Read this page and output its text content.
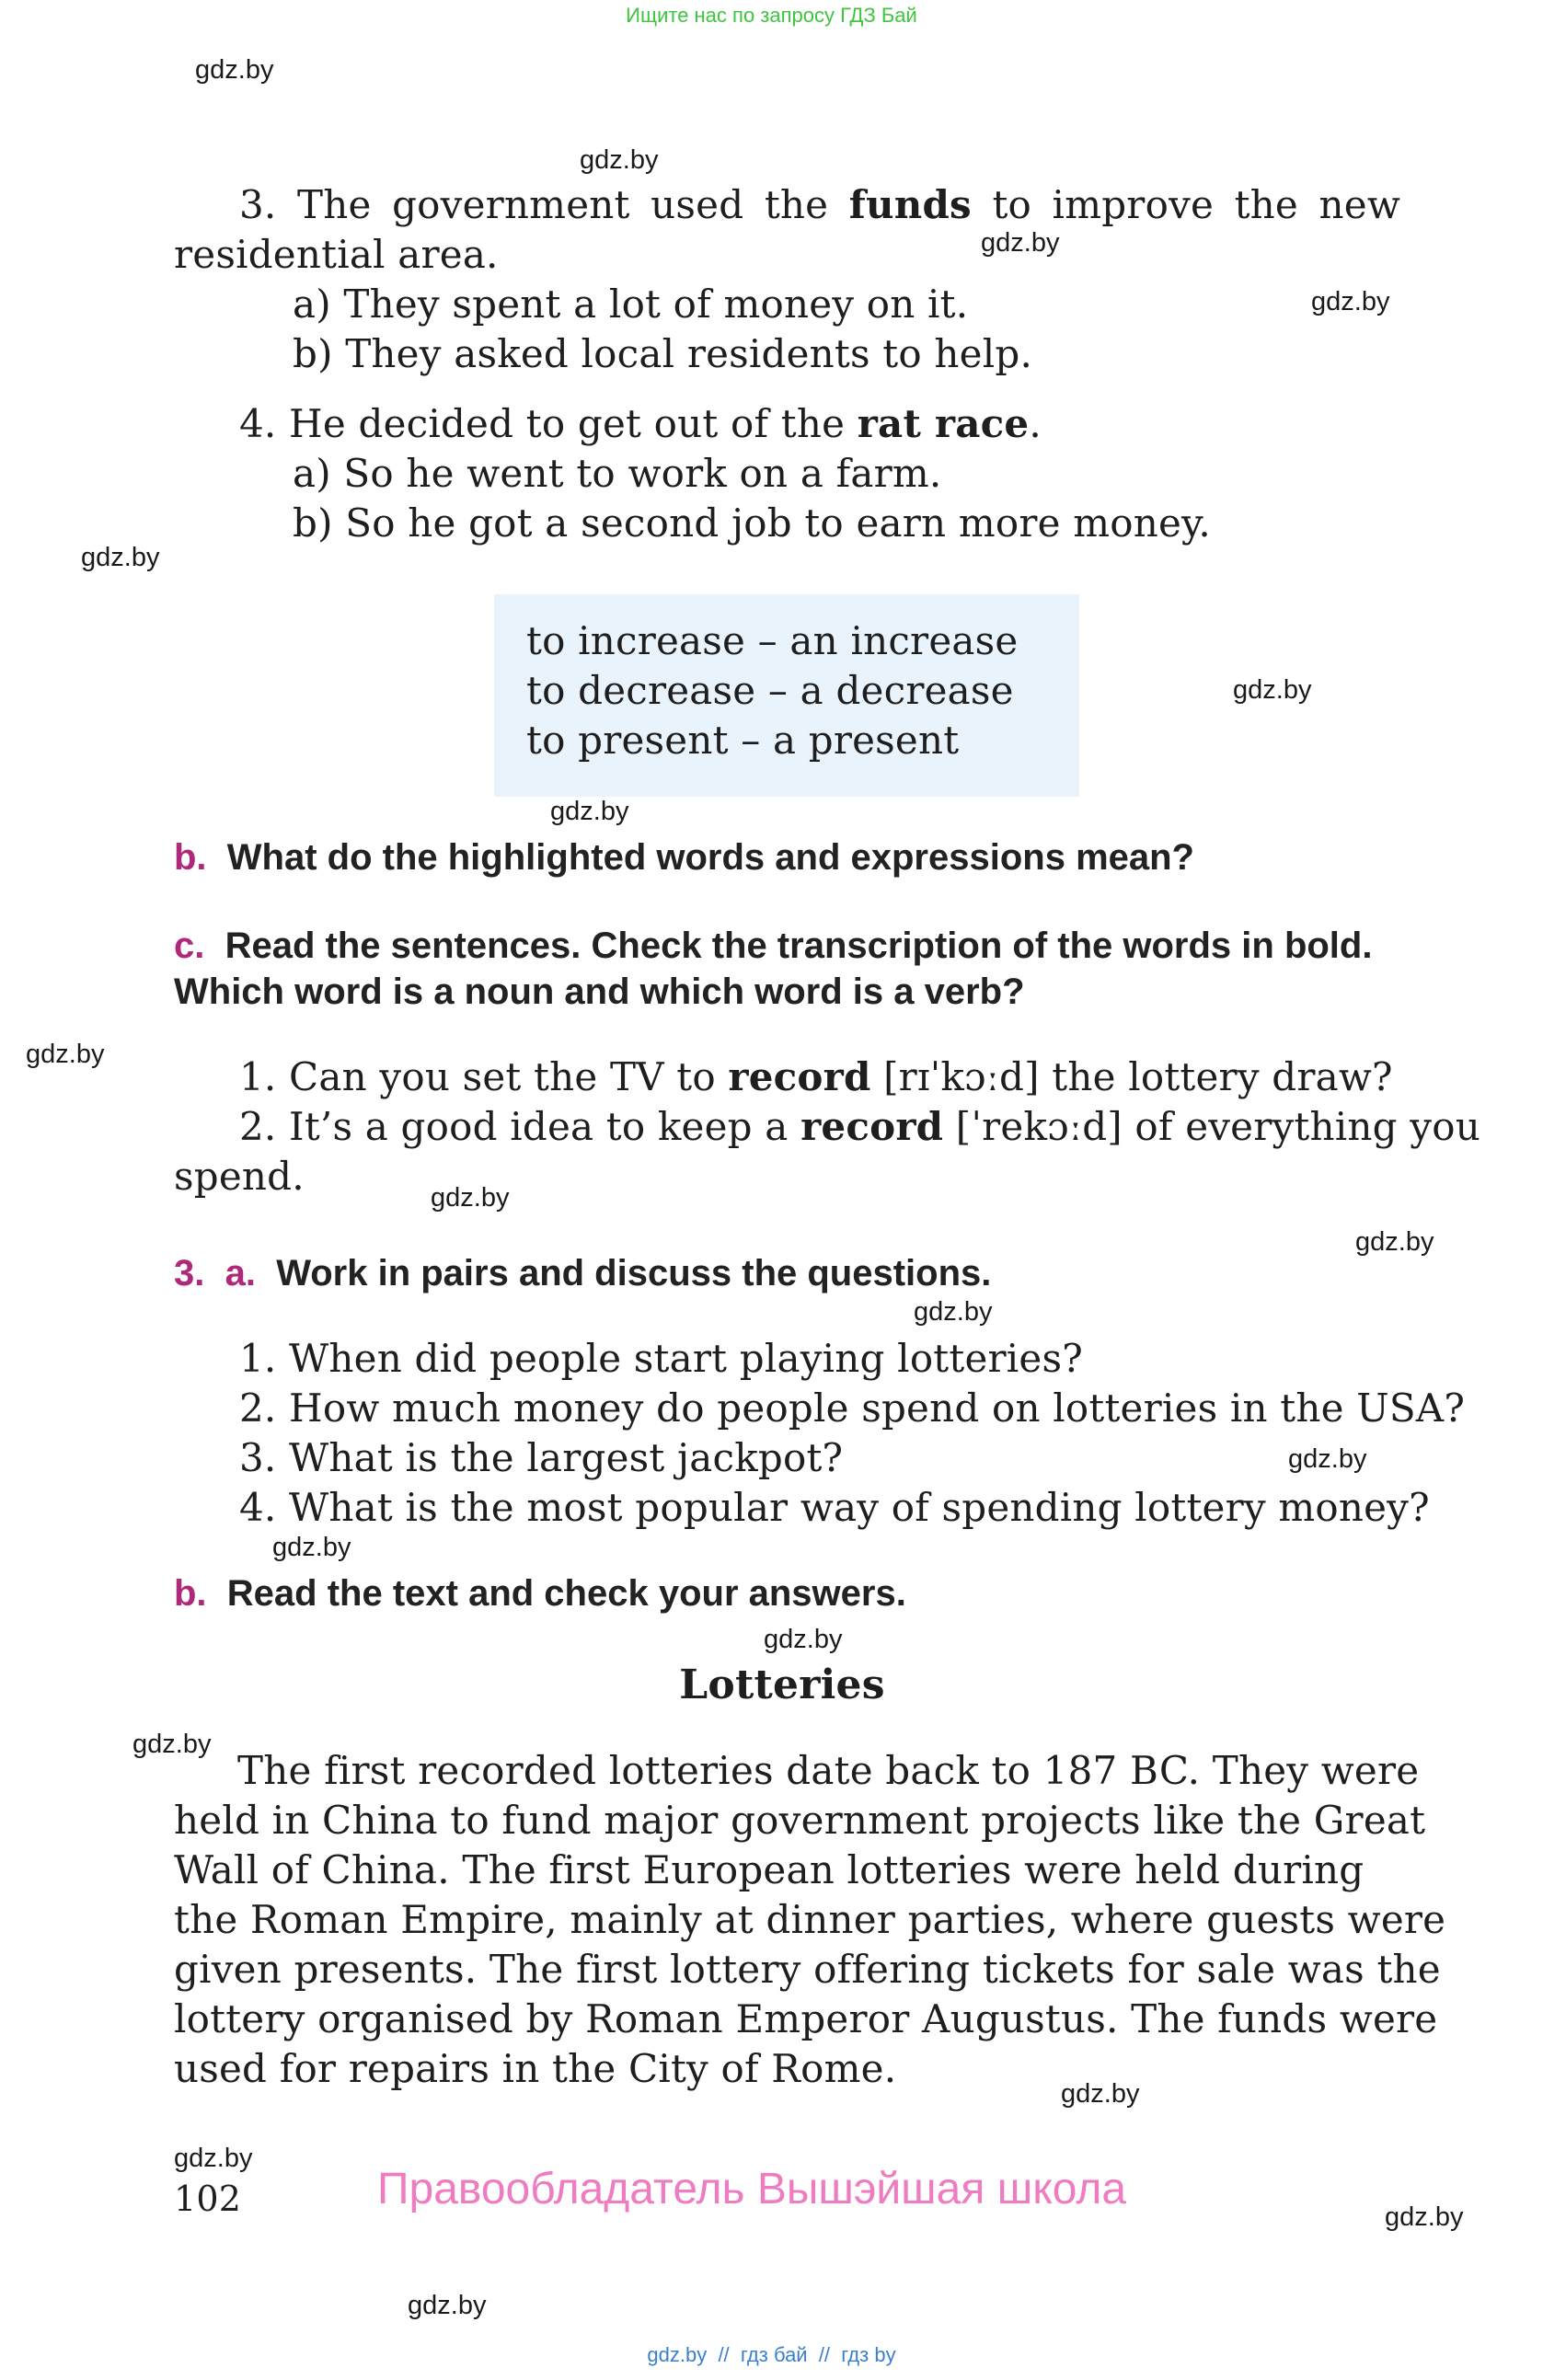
Ищите нас по запросу ГДЗ Бай
gdz.by
gdz.by
gdz.by
gdz.by
gdz.by
gdz.by
gdz.by
gdz.by
gdz.by
gdz.by
gdz.by
gdz.by
gdz.by
gdz.by
gdz.by
gdz.by
gdz.by
gdz.by
gdz.by
3. The government used the funds to improve the new
residential area.
a) They spent a lot of money on it.
b) They asked local residents to help.
4. He decided to get out of the rat race.
a) So he went to work on a farm.
b) So he got a second job to earn more money.
to increase – an increase
to decrease – a decrease
to present – a present
b. What do the highlighted words and expressions mean?
c. Read the sentences. Check the transcription of the words in bold.
Which word is a noun and which word is a verb?
1. Can you set the TV to record [rɪˈkɔːd] the lottery draw?
2. It’s a good idea to keep a record [ˈrekɔːd] of everything you
spend.
3. a. Work in pairs and discuss the questions.
1. When did people start playing lotteries?
2. How much money do people spend on lotteries in the USA?
3. What is the largest jackpot?
4. What is the most popular way of spending lottery money?
b. Read the text and check your answers.
Lotteries
The first recorded lotteries date back to 187 BC. They were
held in China to fund major government projects like the Great
Wall of China. The first European lotteries were held during
the Roman Empire, mainly at dinner parties, where guests were
given presents. The first lottery offering tickets for sale was the
lottery organised by Roman Emperor Augustus. The funds were
used for repairs in the City of Rome.
102	Правообладатель Вышэйшая школа
gdz.by  //  гдз бай  //  гдз by
